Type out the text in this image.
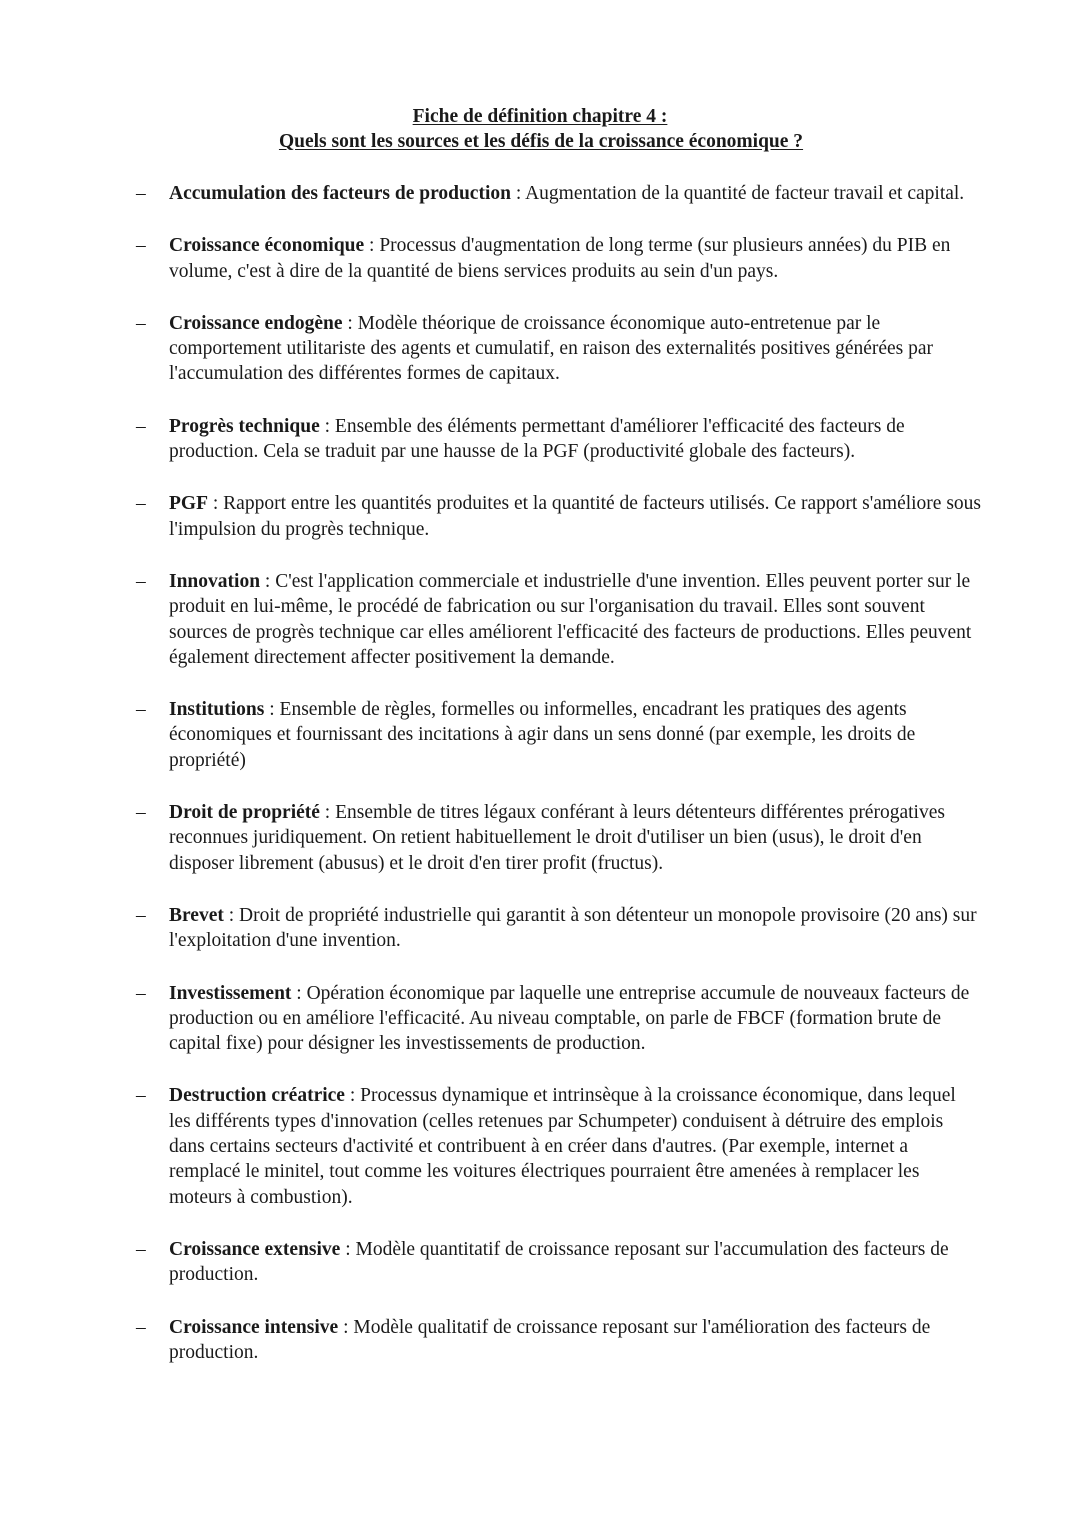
Fiche de définition chapitre 4 :
Quels sont les sources et les défis de la croissance économique ?
– Accumulation des facteurs de production : Augmentation de la quantité de facteur travail et capital.
– Croissance économique : Processus d'augmentation de long terme (sur plusieurs années) du PIB en volume, c'est à dire de la quantité de biens services produits au sein d'un pays.
– Croissance endogène : Modèle théorique de croissance économique auto-entretenue par le comportement utilitariste des agents et cumulatif, en raison des externalités positives générées par l'accumulation des différentes formes de capitaux.
– Progrès technique : Ensemble des éléments permettant d'améliorer l'efficacité des facteurs de production. Cela se traduit par une hausse de la PGF (productivité globale des facteurs).
– PGF : Rapport entre les quantités produites et la quantité de facteurs utilisés. Ce rapport s'améliore sous l'impulsion du progrès technique.
– Innovation : C'est l'application commerciale et industrielle d'une invention. Elles peuvent porter sur le produit en lui-même, le procédé de fabrication ou sur l'organisation du travail. Elles sont souvent sources de progrès technique car elles améliorent l'efficacité des facteurs de productions. Elles peuvent également directement affecter positivement la demande.
– Institutions : Ensemble de règles, formelles ou informelles, encadrant les pratiques des agents économiques et fournissant des incitations à agir dans un sens donné (par exemple, les droits de propriété)
– Droit de propriété : Ensemble de titres légaux conférant à leurs détenteurs différentes prérogatives reconnues juridiquement. On retient habituellement le droit d'utiliser un bien (usus), le droit d'en disposer librement (abusus) et le droit d'en tirer profit (fructus).
– Brevet : Droit de propriété industrielle qui garantit à son détenteur un monopole provisoire (20 ans) sur l'exploitation d'une invention.
– Investissement : Opération économique par laquelle une entreprise accumule de nouveaux facteurs de production ou en améliore l'efficacité. Au niveau comptable, on parle de FBCF (formation brute de capital fixe) pour désigner les investissements de production.
– Destruction créatrice : Processus dynamique et intrinsèque à la croissance économique, dans lequel les différents types d'innovation (celles retenues par Schumpeter) conduisent à détruire des emplois dans certains secteurs d'activité et contribuent à en créer dans d'autres. (Par exemple, internet a remplacé le minitel, tout comme les voitures électriques pourraient être amenées à remplacer les moteurs à combustion).
– Croissance extensive : Modèle quantitatif de croissance reposant sur l'accumulation des facteurs de production.
– Croissance intensive : Modèle qualitatif de croissance reposant sur l'amélioration des facteurs de production.
